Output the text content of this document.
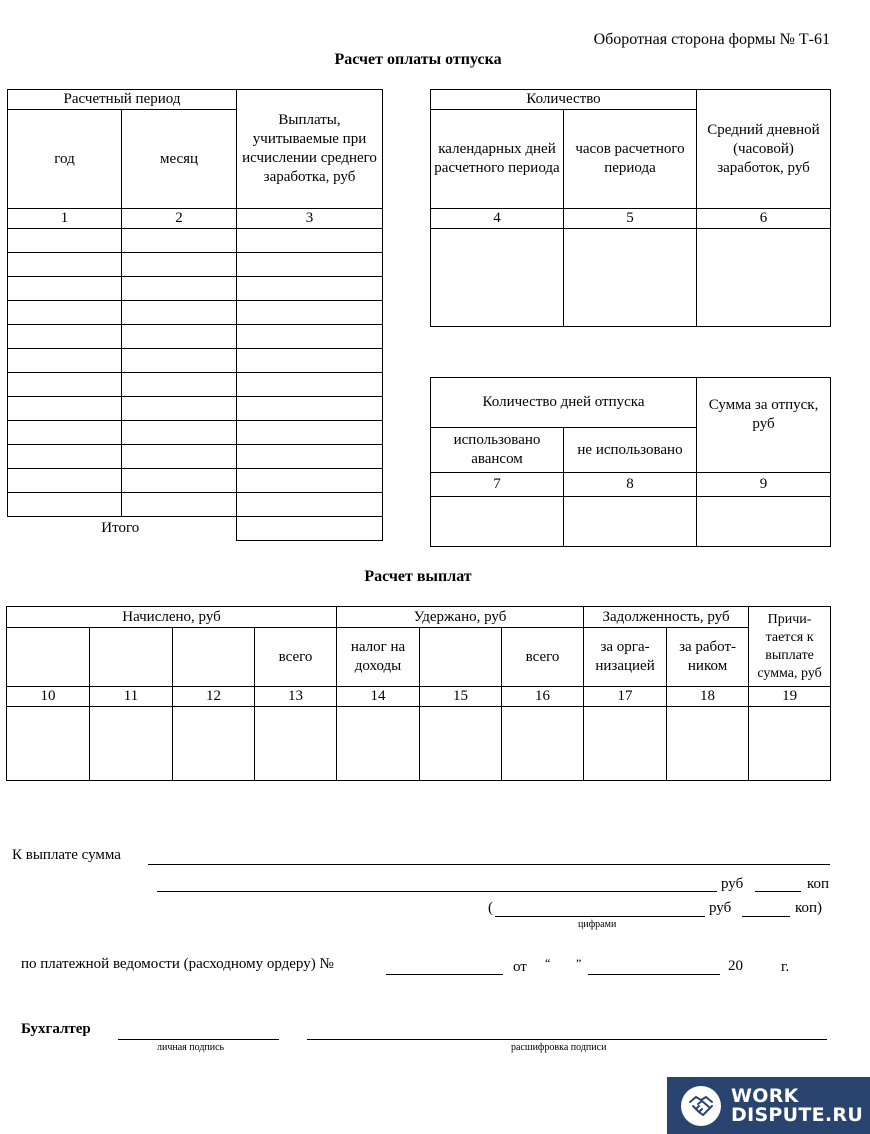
Оборотная сторона формы № Т-61
Расчет оплаты отпуска
Расчетный период		Выплаты, учитываемые при исчислении среднего заработка, руб
год	месяц	
1	2	3

Итого		
Количество		Средний дневной (часовой) заработок, руб
календарных дней расчетного периода	часов расчетного периода	
4	5	6

Количество дней отпуска		Сумма за отпуск, руб
использовано авансом	не использовано	
7	8	9

Расчет выплат
Начислено, руб				Удержано, руб			Задолженность, руб		Причи-тается к выплате сумма, руб
			всего	налог на доходы		всего	за орга-низацией	за работ-ником	
10	11	12	13	14	15	16	17	18	19

К выплате сумма
руб	коп
(	руб	коп)
цифрами
по платежной ведомости (расходному ордеру) №	от “ ”	20	г.
Бухгалтер
личная подпись	расшифровка подписи
WORK
DISPUTE.RU
